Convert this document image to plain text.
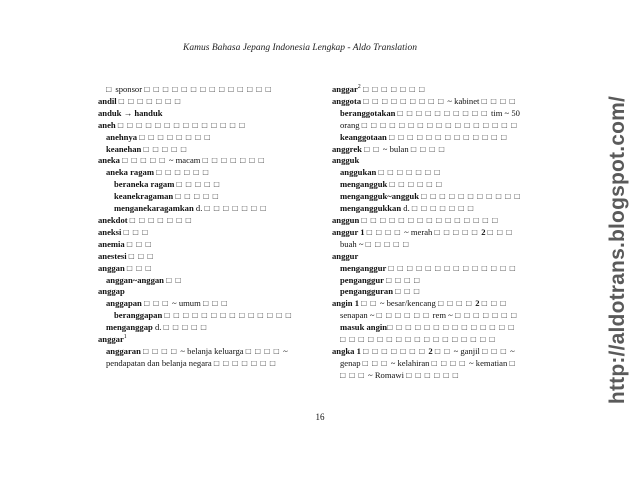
Kamus Bahasa Jepang Indonesia Lengkap - Aldo Translation
□ sponsor □ □ □ □ □ □ □ □ □ □ □ □ □ □
andil □ □ □ □ □ □ □
anduk → handuk
aneh □ □ □ □ □ □ □ □ □ □ □ □ □ □
anehnya □ □ □ □ □ □ □ □
keanehan □ □ □ □ □
aneka □ □ □ □ □ ~ macam □ □ □ □ □ □ □
aneka ragam □ □ □ □ □ □
beraneka ragam □ □ □ □ □
keanekragaman □ □ □ □ □
menganekaragamkan d. □ □ □ □ □ □ □
anekdot □ □ □ □ □ □ □
aneksi □ □ □
anemia □ □ □
anestesi □ □ □
anggan □ □ □
anggan~anggan □ □
anggap
anggapan □ □ □ ~ umum □ □ □
beranggapan □ □ □ □ □ □ □ □ □ □ □ □ □ □
menganggap d. □ □ □ □ □
anggar$^1$
anggaran □ □ □ □ ~ belanja keluarga □ □ □ □ ~
pendapatan dan belanja negara □ □ □ □ □ □ □
anggar$^2$ □ □ □ □ □ □ □
anggota □ □ □ □ □ □ □ □ □ ~ kabinet □ □ □ □
beranggotakan □ □ □ □ □ □ □ □ □ □ tim ~ 50
orang □ □ □ □ □ □ □ □ □ □ □ □ □ □ □ □ □
keanggotaan □ □ □ □ □ □ □ □ □ □ □ □ □
anggrek □ □ ~ bulan □ □ □ □
angguk
anggukan □ □ □ □ □ □ □
mengangguk □ □ □ □ □ □
mengangguk~angguk □ □ □ □ □ □ □ □ □ □ □
menganggukkan d. □ □ □ □ □ □ □
anggun □ □ □ □ □ □ □ □ □ □ □ □ □ □ □
anggur 1 □ □ □ □ ~ merah □ □ □ □ □ 2 □ □ □
buah ~ □ □ □ □ □
anggur
menganggur □ □ □ □ □ □ □ □ □ □ □ □ □ □
penganggur □ □ □ □
pengangguran □ □ □
angin 1 □ □ ~ besar/kencang □ □ □ □ 2 □ □ □
senapan ~ □ □ □ □ □ □ rem ~ □ □ □ □ □ □ □
masuk angin□ □ □ □ □ □ □ □ □ □ □ □ □ □
□ □ □ □ □ □ □ □ □ □ □ □ □ □ □ □ □
angka 1 □ □ □ □ □ □ □ 2 □ □ ~ ganjil □ □ □ ~
genap □ □ □ ~ kelahiran □ □ □ □ ~ kematian □
□ □ □ ~ Romawi □ □ □ □ □ □
16
http://aldotrans.blogspot.com/
